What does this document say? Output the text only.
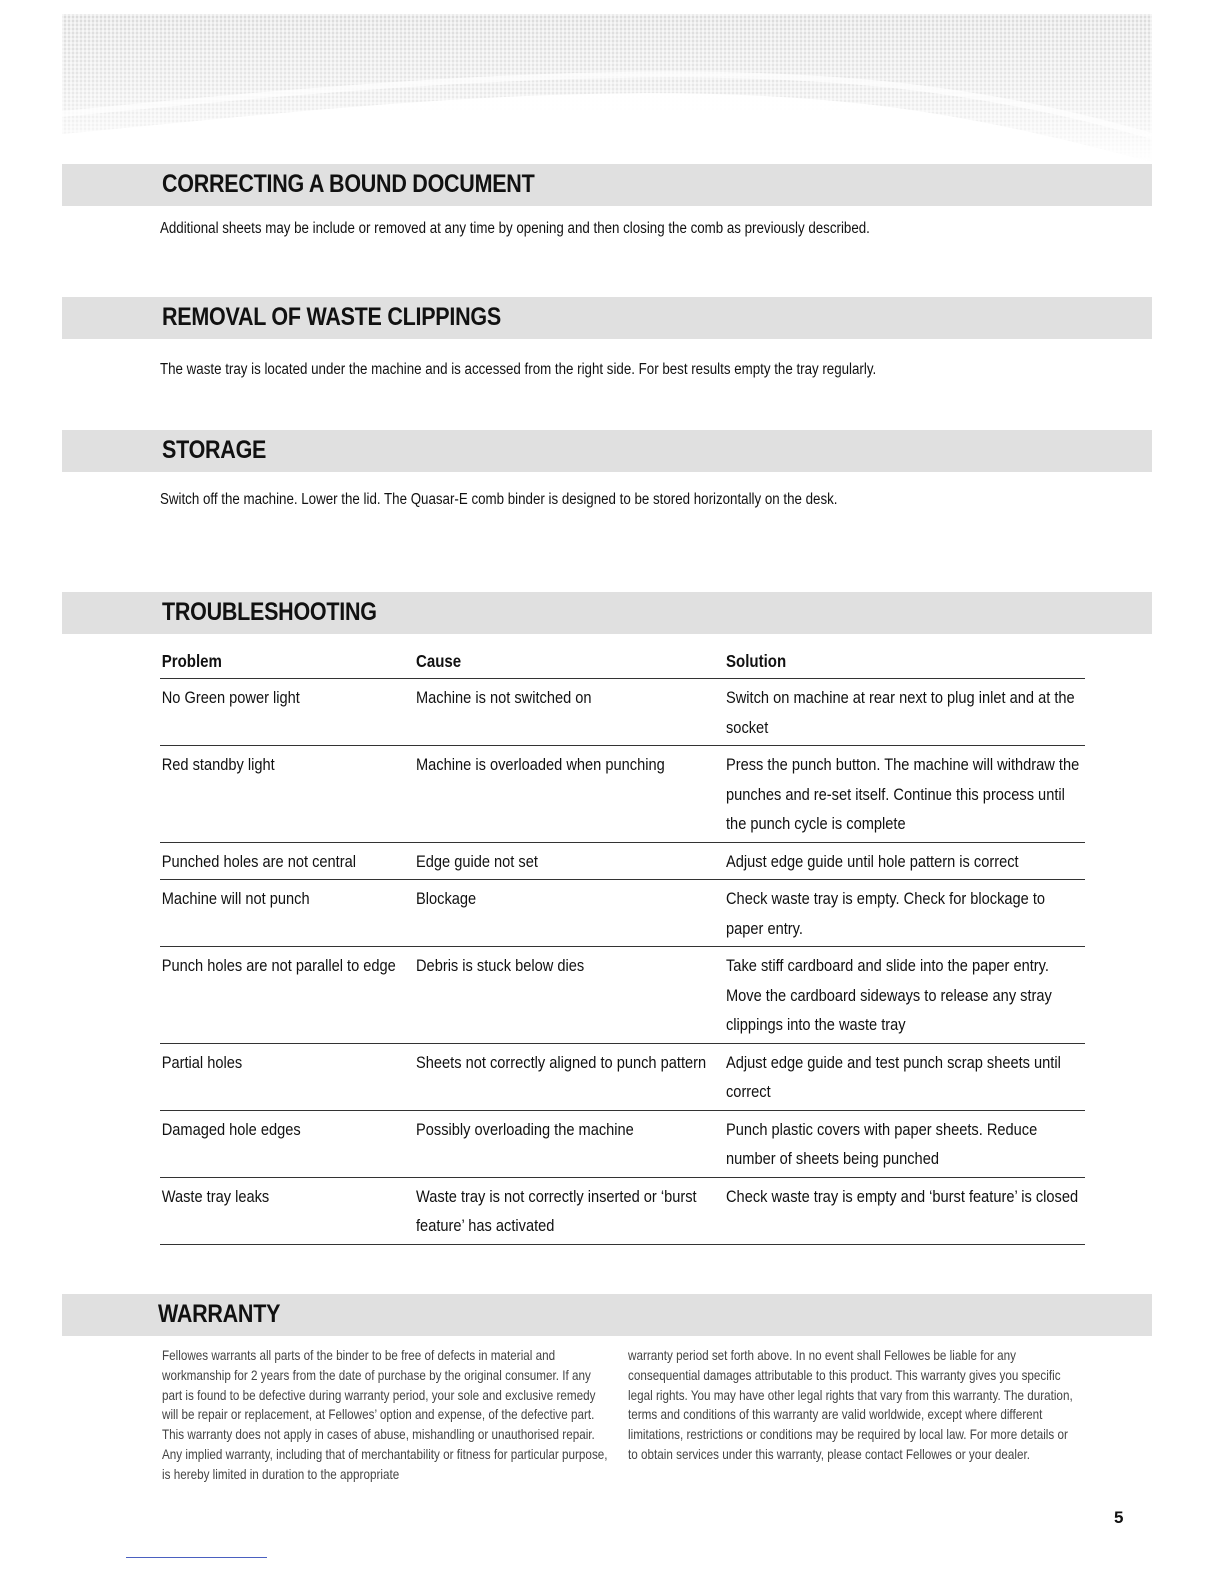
CORRECTING A BOUND DOCUMENT

Additional sheets may be include or removed at any time by opening and then closing the comb as previously described.

REMOVAL OF WASTE CLIPPINGS

The waste tray is located under the machine and is accessed from the right side. For best results empty the tray regularly.

STORAGE

Switch off the machine. Lower the lid. The Quasar-E comb binder is designed to be stored horizontally on the desk.

TROUBLESHOOTING
Problem	Cause	Solution

No Green power light	Machine is not switched on	Switch on machine at rear next to plug inlet and at the socket

Red standby light	Machine is overloaded when punching	Press the punch button. The machine will withdraw the punches and re-set itself. Continue this process until the punch cycle is complete

Punched holes are not central	Edge guide not set	Adjust edge guide until hole pattern is correct

Machine will not punch	Blockage	Check waste tray is empty. Check for blockage to paper entry.

Punch holes are not parallel to edge	Debris is stuck below dies	Take stiff cardboard and slide into the paper entry. Move the cardboard sideways to release any stray clippings into the waste tray

Partial holes	Sheets not correctly aligned to punch pattern	Adjust edge guide and test punch scrap sheets until correct

Damaged hole edges	Possibly overloading the machine	Punch plastic covers with paper sheets. Reduce number of sheets being punched

Waste tray leaks	Waste tray is not correctly inserted or ‘burst feature’ has activated	Check waste tray is empty and ‘burst feature’ is closed
WARRANTY

Fellowes warrants all parts of the binder to be free of defects in material and workmanship for 2 years from the date of purchase by the original consumer. If any part is found to be defective during warranty period, your sole and exclusive remedy will be repair or replacement, at Fellowes’ option and expense, of the defective part. This warranty does not apply in cases of abuse, mishandling or unauthorised repair. Any implied warranty, including that of merchantability or fitness for particular purpose, is hereby limited in duration to the appropriate

warranty period set forth above. In no event shall Fellowes be liable for any consequential damages attributable to this product. This warranty gives you specific legal rights. You may have other legal rights that vary from this warranty. The duration, terms and conditions of this warranty are valid worldwide, except where different limitations, restrictions or conditions may be required by local law. For more details or to obtain services under this warranty, please contact Fellowes or your dealer.

5
